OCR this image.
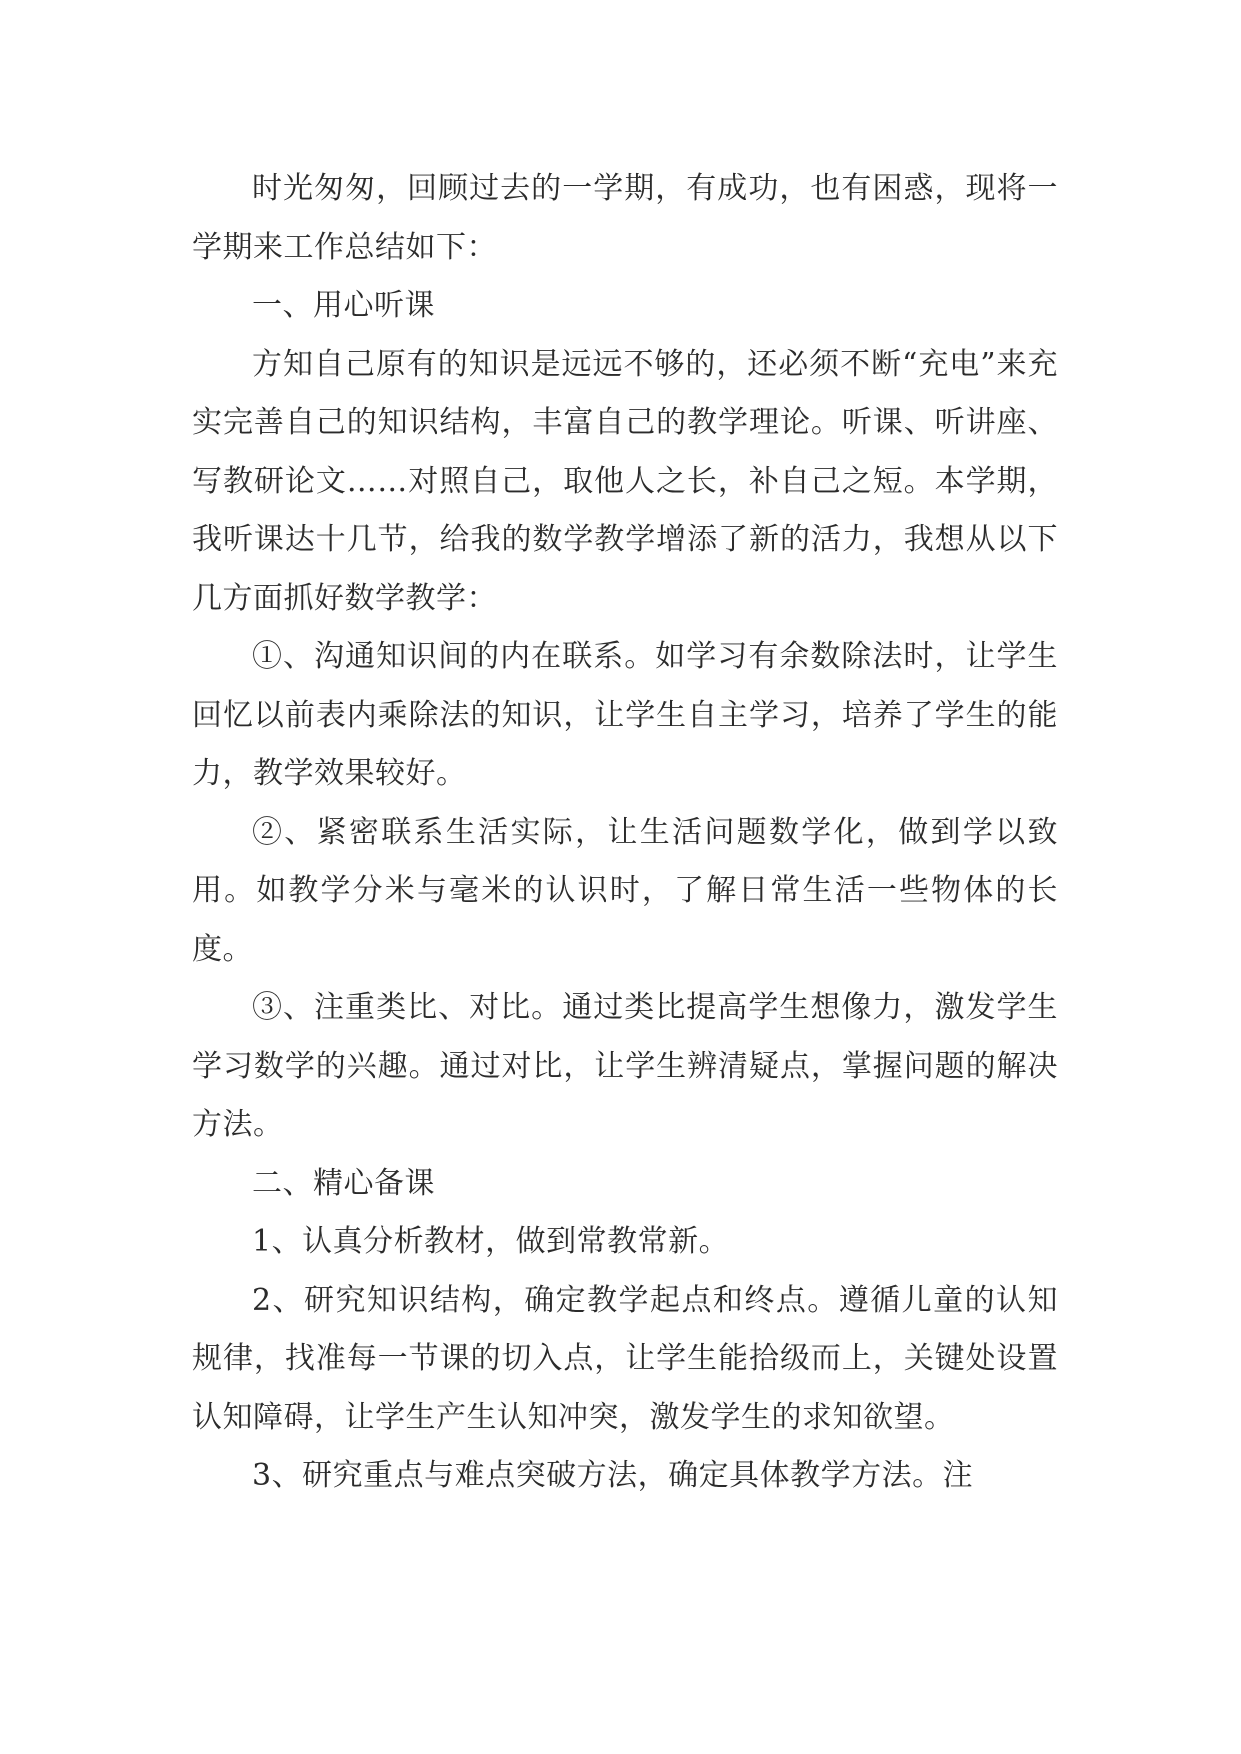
时光匆匆，回顾过去的一学期，有成功，也有困惑，现将一学期来工作总结如下：

一、用心听课

方知自己原有的知识是远远不够的，还必须不断“充电”来充实完善自己的知识结构，丰富自己的教学理论。听课、听讲座、写教研论文……对照自己，取他人之长，补自己之短。本学期，我听课达十几节，给我的数学教学增添了新的活力，我想从以下几方面抓好数学教学：

①、沟通知识间的内在联系。如学习有余数除法时，让学生回忆以前表内乘除法的知识，让学生自主学习，培养了学生的能力，教学效果较好。

②、紧密联系生活实际，让生活问题数学化，做到学以致用。如教学分米与毫米的认识时，了解日常生活一些物体的长度。

③、注重类比、对比。通过类比提高学生想像力，激发学生学习数学的兴趣。通过对比，让学生辨清疑点，掌握问题的解决方法。

二、精心备课

1、认真分析教材，做到常教常新。

2、研究知识结构，确定教学起点和终点。遵循儿童的认知规律，找准每一节课的切入点，让学生能拾级而上，关键处设置认知障碍，让学生产生认知冲突，激发学生的求知欲望。

3、研究重点与难点突破方法，确定具体教学方法。注
